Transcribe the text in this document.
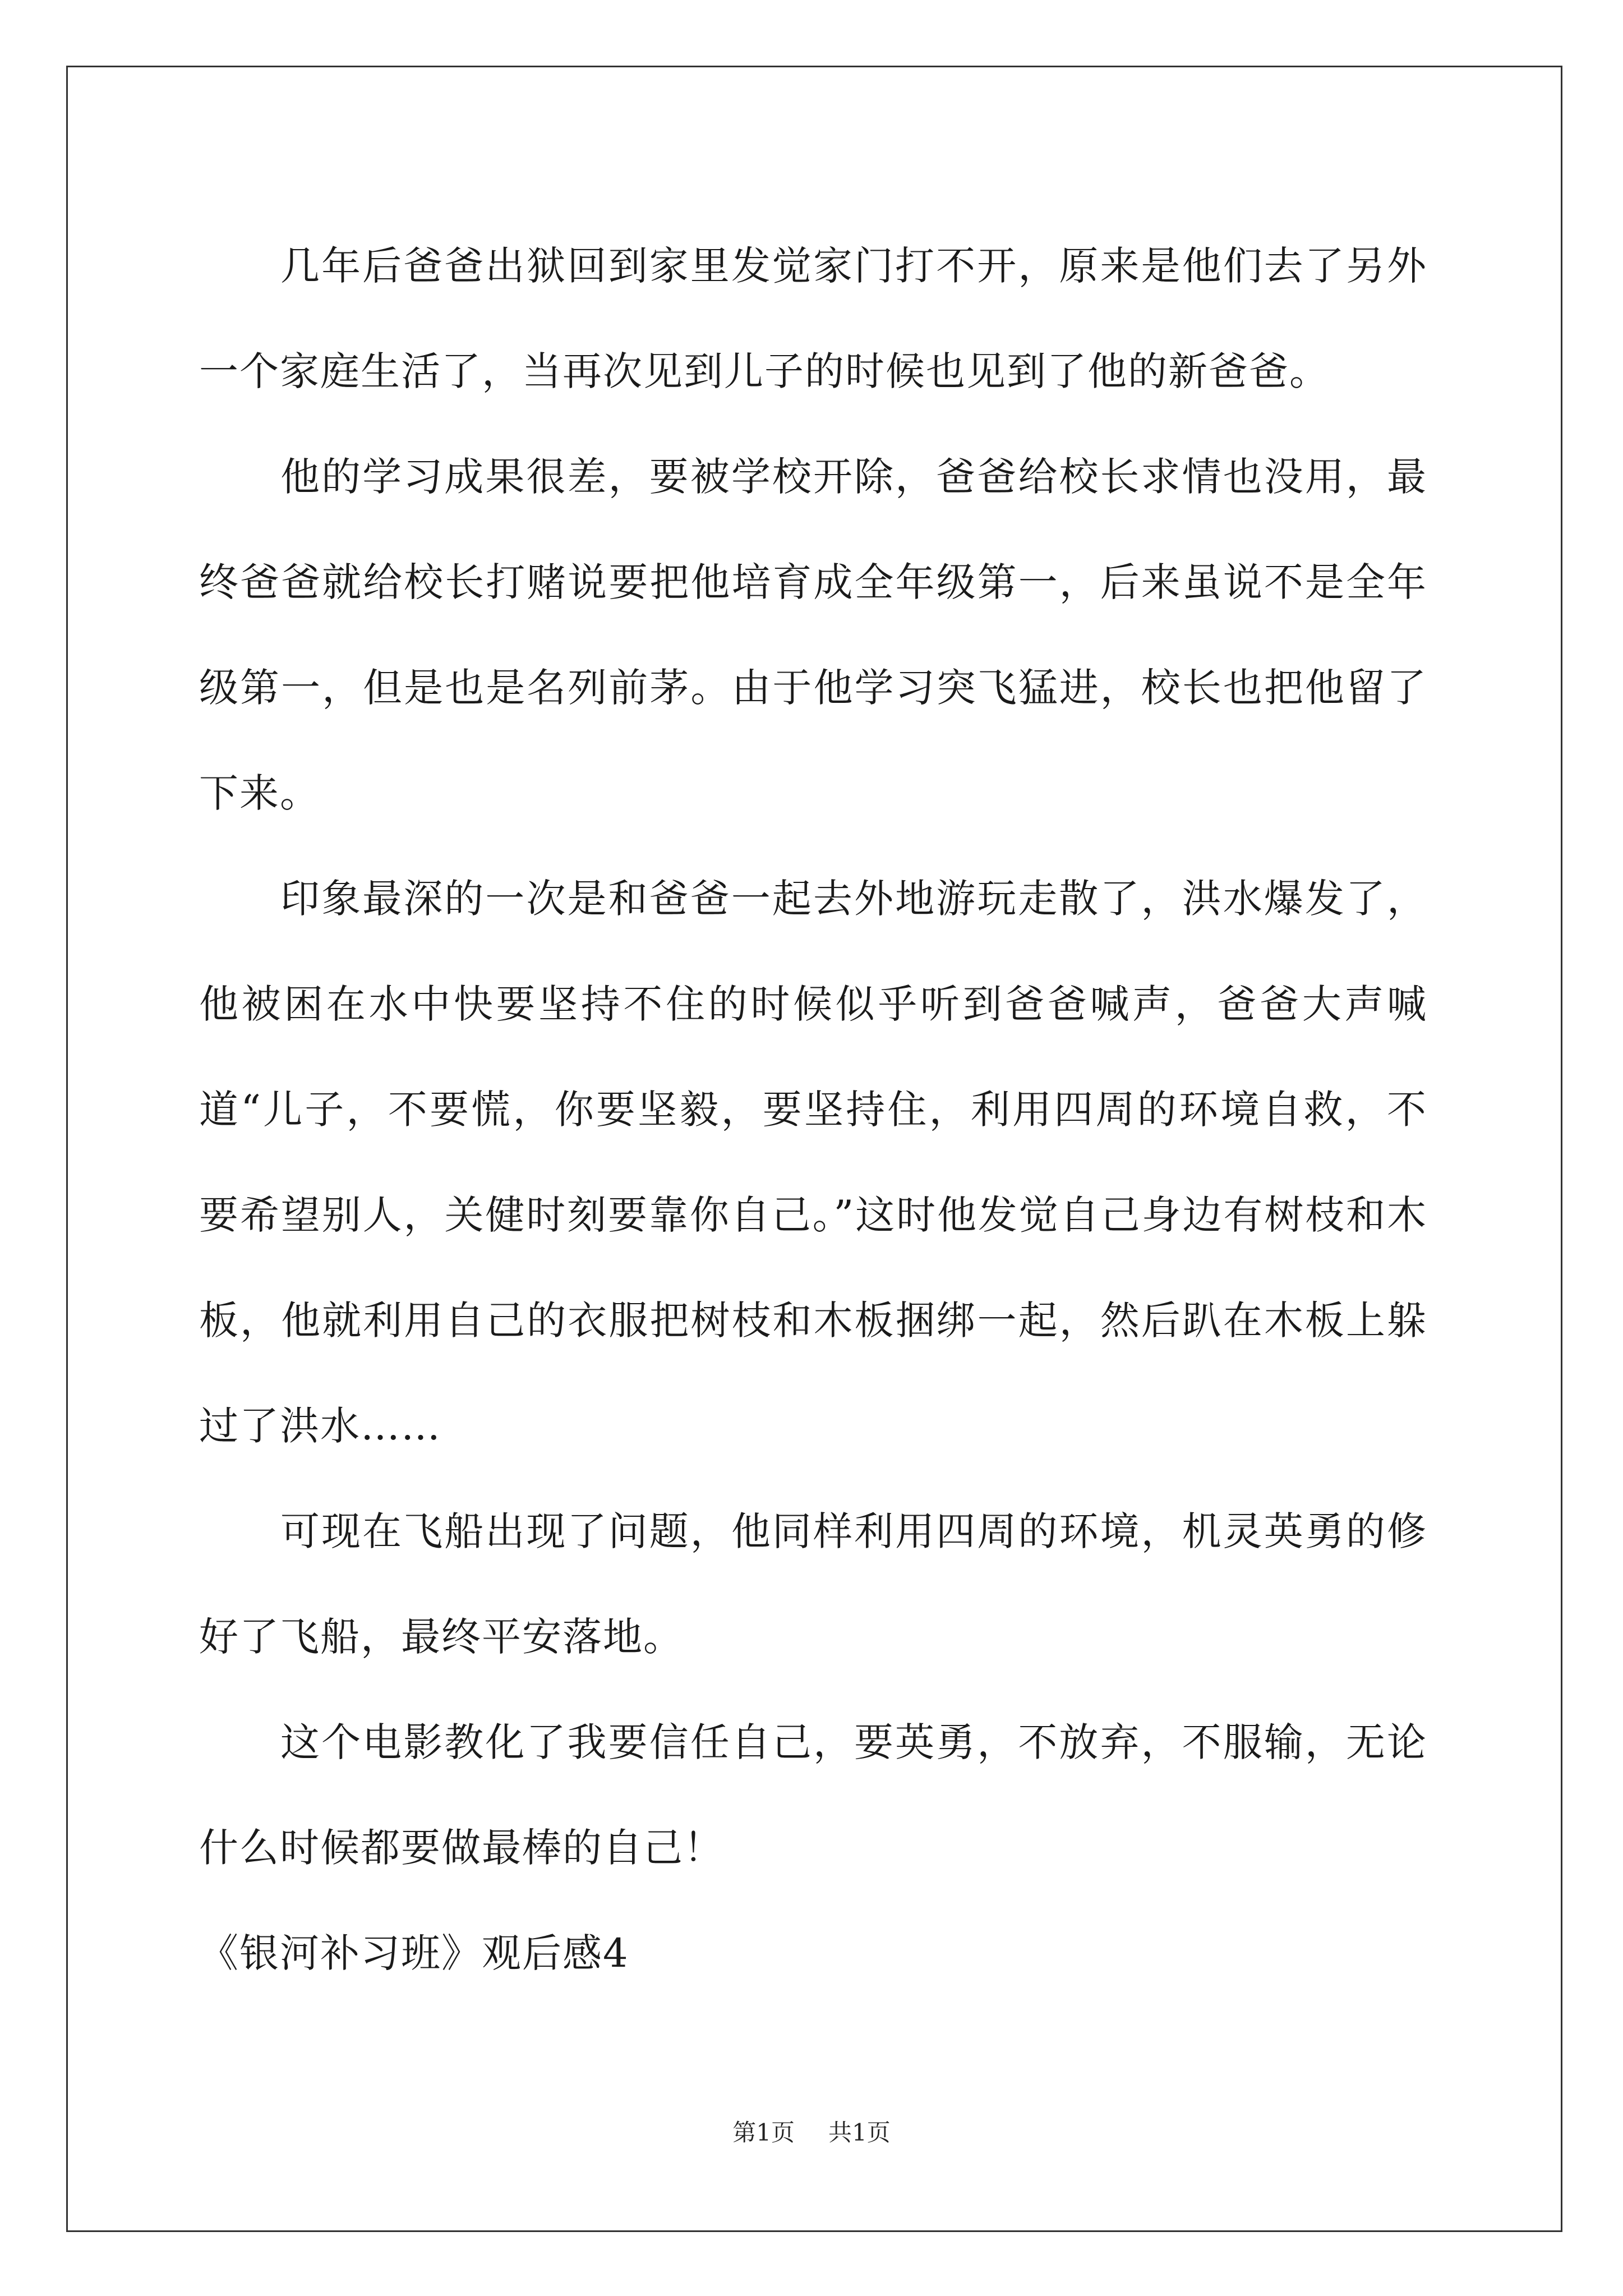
几年后爸爸出狱回到家里发觉家门打不开，原来是他们去了另外一个家庭生活了，当再次见到儿子的时候也见到了他的新爸爸。

他的学习成果很差，要被学校开除，爸爸给校长求情也没用，最终爸爸就给校长打赌说要把他培育成全年级第一，后来虽说不是全年级第一，但是也是名列前茅。由于他学习突飞猛进，校长也把他留了下来。

印象最深的一次是和爸爸一起去外地游玩走散了，洪水爆发了，他被困在水中快要坚持不住的时候似乎听到爸爸喊声，爸爸大声喊道“儿子，不要慌，你要坚毅，要坚持住，利用四周的环境自救，不要希望别人，关健时刻要靠你自己。”这时他发觉自己身边有树枝和木板，他就利用自己的衣服把树枝和木板捆绑一起，然后趴在木板上躲过了洪水……

可现在飞船出现了问题，他同样利用四周的环境，机灵英勇的修好了飞船，最终平安落地。

这个电影教化了我要信任自己，要英勇，不放弃，不服输，无论什么时候都要做最棒的自己！

《银河补习班》观后感4

第1页 共1页
